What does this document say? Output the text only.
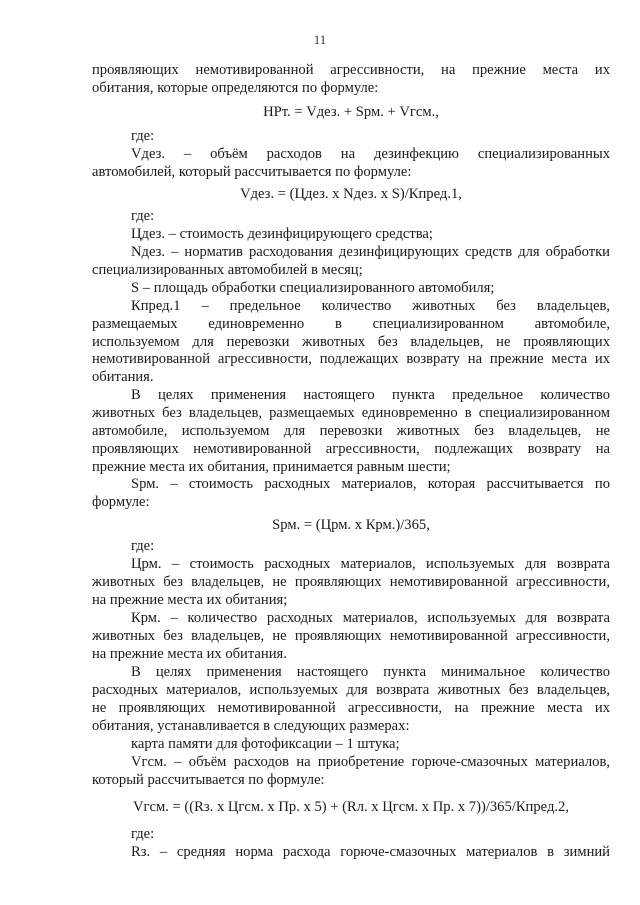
11
проявляющих немотивированной агрессивности, на прежние места их
обитания, которые определяются по формуле:
НРт. = Vдез. + Sрм. + Vгсм.,
где:
Vдез. – объём расходов на дезинфекцию специализированных
автомобилей, который рассчитывается по формуле:
Vдез. = (Цдез. х Nдез. х S)/Кпред.1,
где:
Цдез. – стоимость дезинфицирующего средства;
Nдез. – норматив расходования дезинфицирующих средств для обработки
специализированных автомобилей в месяц;
S – площадь обработки специализированного автомобиля;
Кпред.1 – предельное количество животных без владельцев,
размещаемых единовременно в специализированном автомобиле,
используемом для перевозки животных без владельцев, не проявляющих
немотивированной агрессивности, подлежащих возврату на прежние места их
обитания.
В целях применения настоящего пункта предельное количество
животных без владельцев, размещаемых единовременно в специализированном
автомобиле, используемом для перевозки животных без владельцев, не
проявляющих немотивированной агрессивности, подлежащих возврату на
прежние места их обитания, принимается равным шести;
Sрм. – стоимость расходных материалов, которая рассчитывается по
формуле:
Sрм. = (Црм. х Крм.)/365,
где:
Црм. – стоимость расходных материалов, используемых для возврата
животных без владельцев, не проявляющих немотивированной агрессивности,
на прежние места их обитания;
Крм. – количество расходных материалов, используемых для возврата
животных без владельцев, не проявляющих немотивированной агрессивности,
на прежние места их обитания.
В целях применения настоящего пункта минимальное количество
расходных материалов, используемых для возврата животных без владельцев,
не проявляющих немотивированной агрессивности, на прежние места их
обитания, устанавливается в следующих размерах:
карта памяти для фотофиксации – 1 штука;
Vгсм. – объём расходов на приобретение горюче-смазочных материалов,
который рассчитывается по формуле:
Vгсм. = ((Rз. х Цгсм. х Пр. х 5) + (Rл. х Цгсм. х Пр. х 7))/365/Кпред.2,
где:
Rз. – средняя норма расхода горюче-смазочных материалов в зимний
